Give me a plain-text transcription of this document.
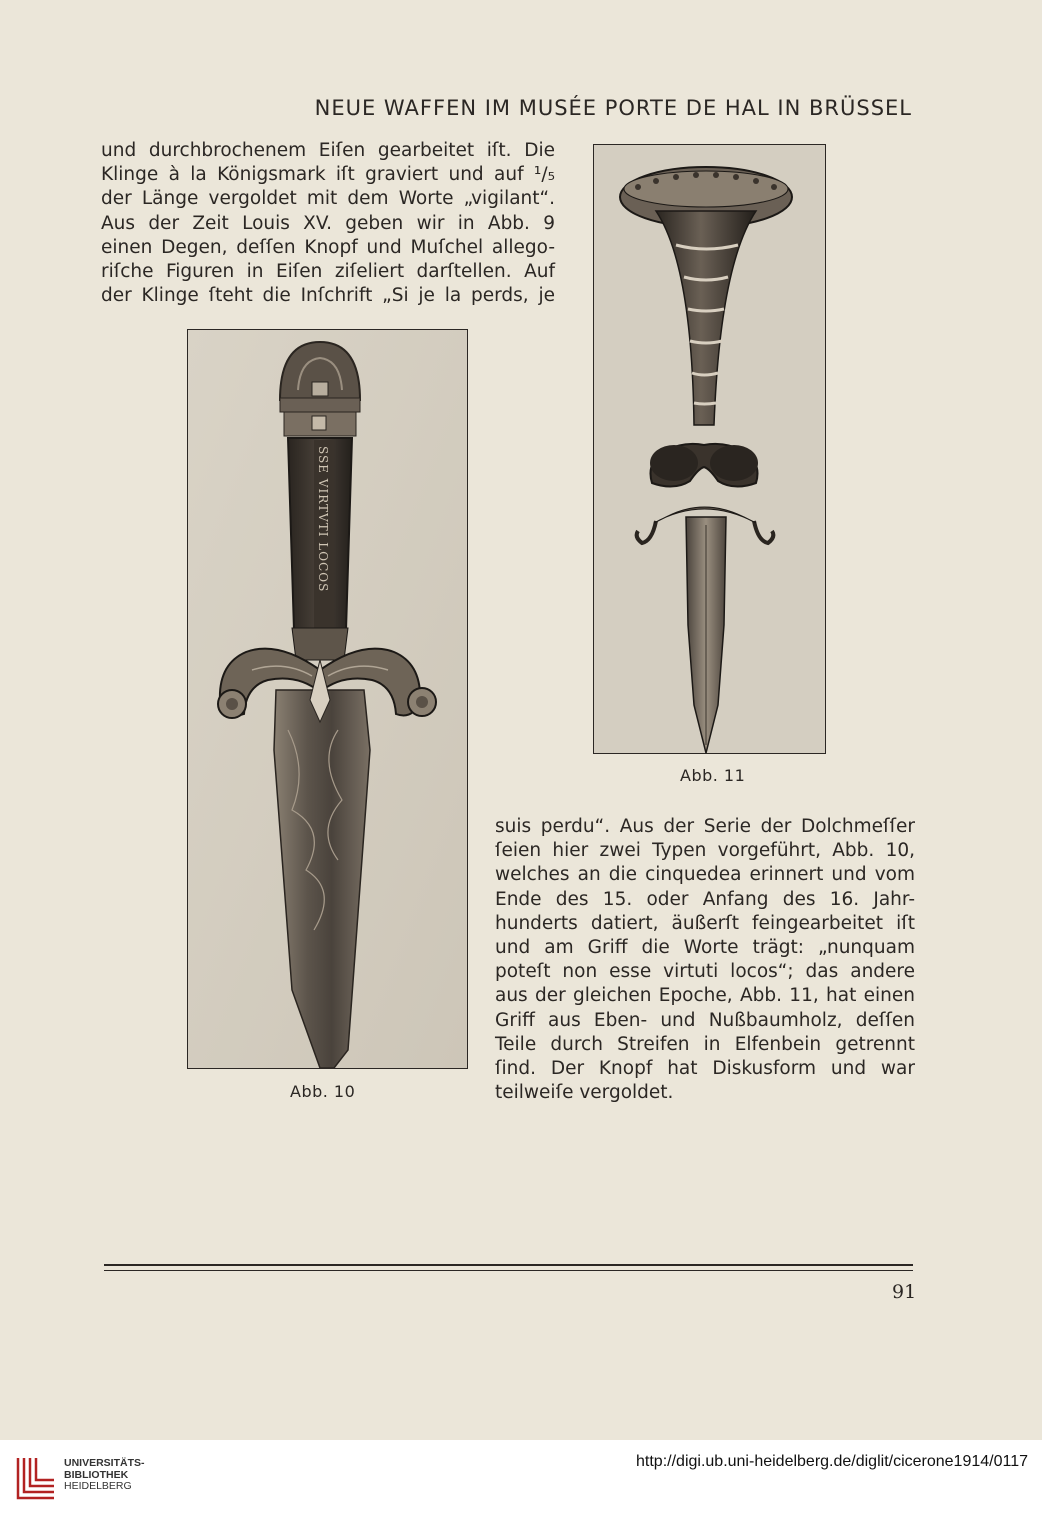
NEUE WAFFEN IM MUSÉE PORTE DE HAL IN BRÜSSEL
und durchbrochenem Eiſen gearbeitet iſt. Die
Klinge à la Königsmark iſt graviert und auf ¹/₅
der Länge vergoldet mit dem Worte „vigilant“.
Aus der Zeit Louis XV. geben wir in Abb. 9
einen Degen, deſſen Knopf und Muſchel allego-
riſche Figuren in Eiſen ziſeliert darſtellen. Auf
der Klinge ſteht die Inſchrift „Si je la perds, je
SSE VIRTVTI LOCOS
Abb. 10
Abb. 11
suis perdu“. Aus der Serie der Dolchmeſſer
ſeien hier zwei Typen vorgeführt, Abb. 10,
welches an die cinquedea erinnert und vom
Ende des 15. oder Anfang des 16. Jahr-
hunderts datiert, äußerſt feingearbeitet iſt
und am Griff die Worte trägt: „nunquam
poteſt non esse virtuti locos“; das andere
aus der gleichen Epoche, Abb. 11, hat einen
Griff aus Eben- und Nußbaumholz, deſſen
Teile durch Streifen in Elfenbein getrennt
ſind. Der Knopf hat Diskusform und war
teilweiſe vergoldet.
91
UNIVERSITÄTS-
BIBLIOTHEK
HEIDELBERG
http://digi.ub.uni-heidelberg.de/diglit/cicerone1914/0117
